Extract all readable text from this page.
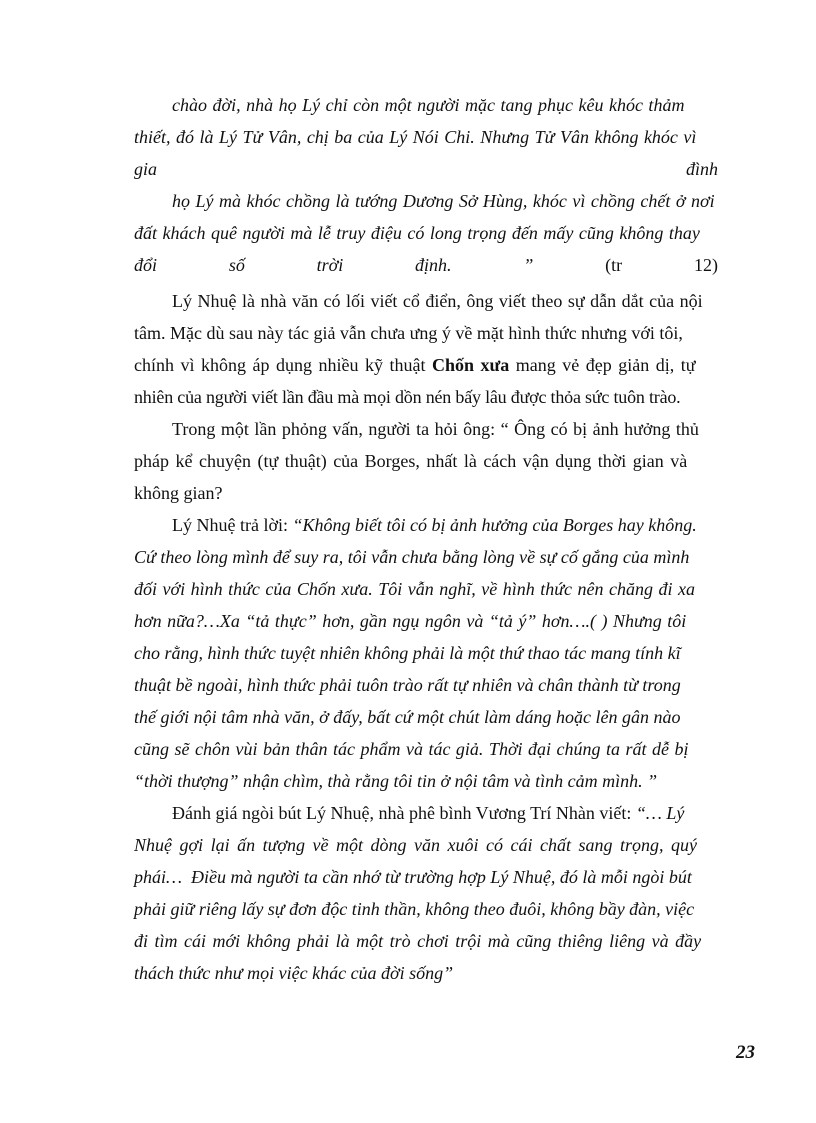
chào đời, nhà họ Lý chỉ còn một người mặc tang phục kêu khóc thảm

thiết, đó là Lý Tử Vân, chị ba của Lý Nói Chi. Nhưng Tử Vân không khóc vì

gia	đình

họ Lý mà khóc chồng là tướng Dương Sở Hùng, khóc vì chồng chết ở nơi

đất khách quê người mà lễ truy điệu có long trọng đến mấy cũng không thay

đổi	số	trời	định.	”	(tr	12)

Lý Nhuệ là nhà văn có lối viết cổ điển, ông viết theo sự dẫn dắt của nội

tâm. Mặc dù sau này tác giả vẫn chưa ưng ý về mặt hình thức nhưng với tôi,

chính vì không áp dụng nhiều kỹ thuật Chốn xưa mang vẻ đẹp giản dị, tự

nhiên của người viết lần đầu mà mọi dồn nén bấy lâu được thỏa sức tuôn trào.

Trong một lần phỏng vấn, người ta hỏi ông: “ Ông có bị ảnh hưởng thủ

pháp kể chuyện (tự thuật) của Borges, nhất là cách vận dụng thời gian và

không gian?

Lý Nhuệ trả lời: “Không biết tôi có bị ảnh hưởng của Borges hay không.

Cứ theo lòng mình để suy ra, tôi vẫn chưa bằng lòng về sự cố gắng của mình

đối với hình thức của Chốn xưa. Tôi vẫn nghĩ, về hình thức nên chăng đi xa

hơn nữa?…Xa “tả thực” hơn, gần ngụ ngôn và “tả ý” hơn….( ) Nhưng tôi

cho rằng, hình thức tuyệt nhiên không phải là một thứ thao tác mang tính kĩ

thuật bề ngoài, hình thức phải tuôn trào rất tự nhiên và chân thành từ trong

thế giới nội tâm nhà văn, ở đấy, bất cứ một chút làm dáng hoặc lên gân nào

cũng sẽ chôn vùi bản thân tác phẩm và tác giả. Thời đại chúng ta rất dễ bị

“thời thượng” nhận chìm, thà rằng tôi tin ở nội tâm và tình cảm mình. ”

Đánh giá ngòi bút Lý Nhuệ, nhà phê bình Vương Trí Nhàn viết: “… Lý

Nhuệ gợi lại ấn tượng về một dòng văn xuôi có cái chất sang trọng, quý

phái…  Điều mà người ta cần nhớ từ trường hợp Lý Nhuệ, đó là mỗi ngòi bút

phải giữ riêng lấy sự đơn độc tinh thần, không theo đuôi, không bầy đàn, việc

đi tìm cái mới không phải là một trò chơi trội mà cũng thiêng liêng và đầy

thách thức như mọi việc khác của đời sống”

23
